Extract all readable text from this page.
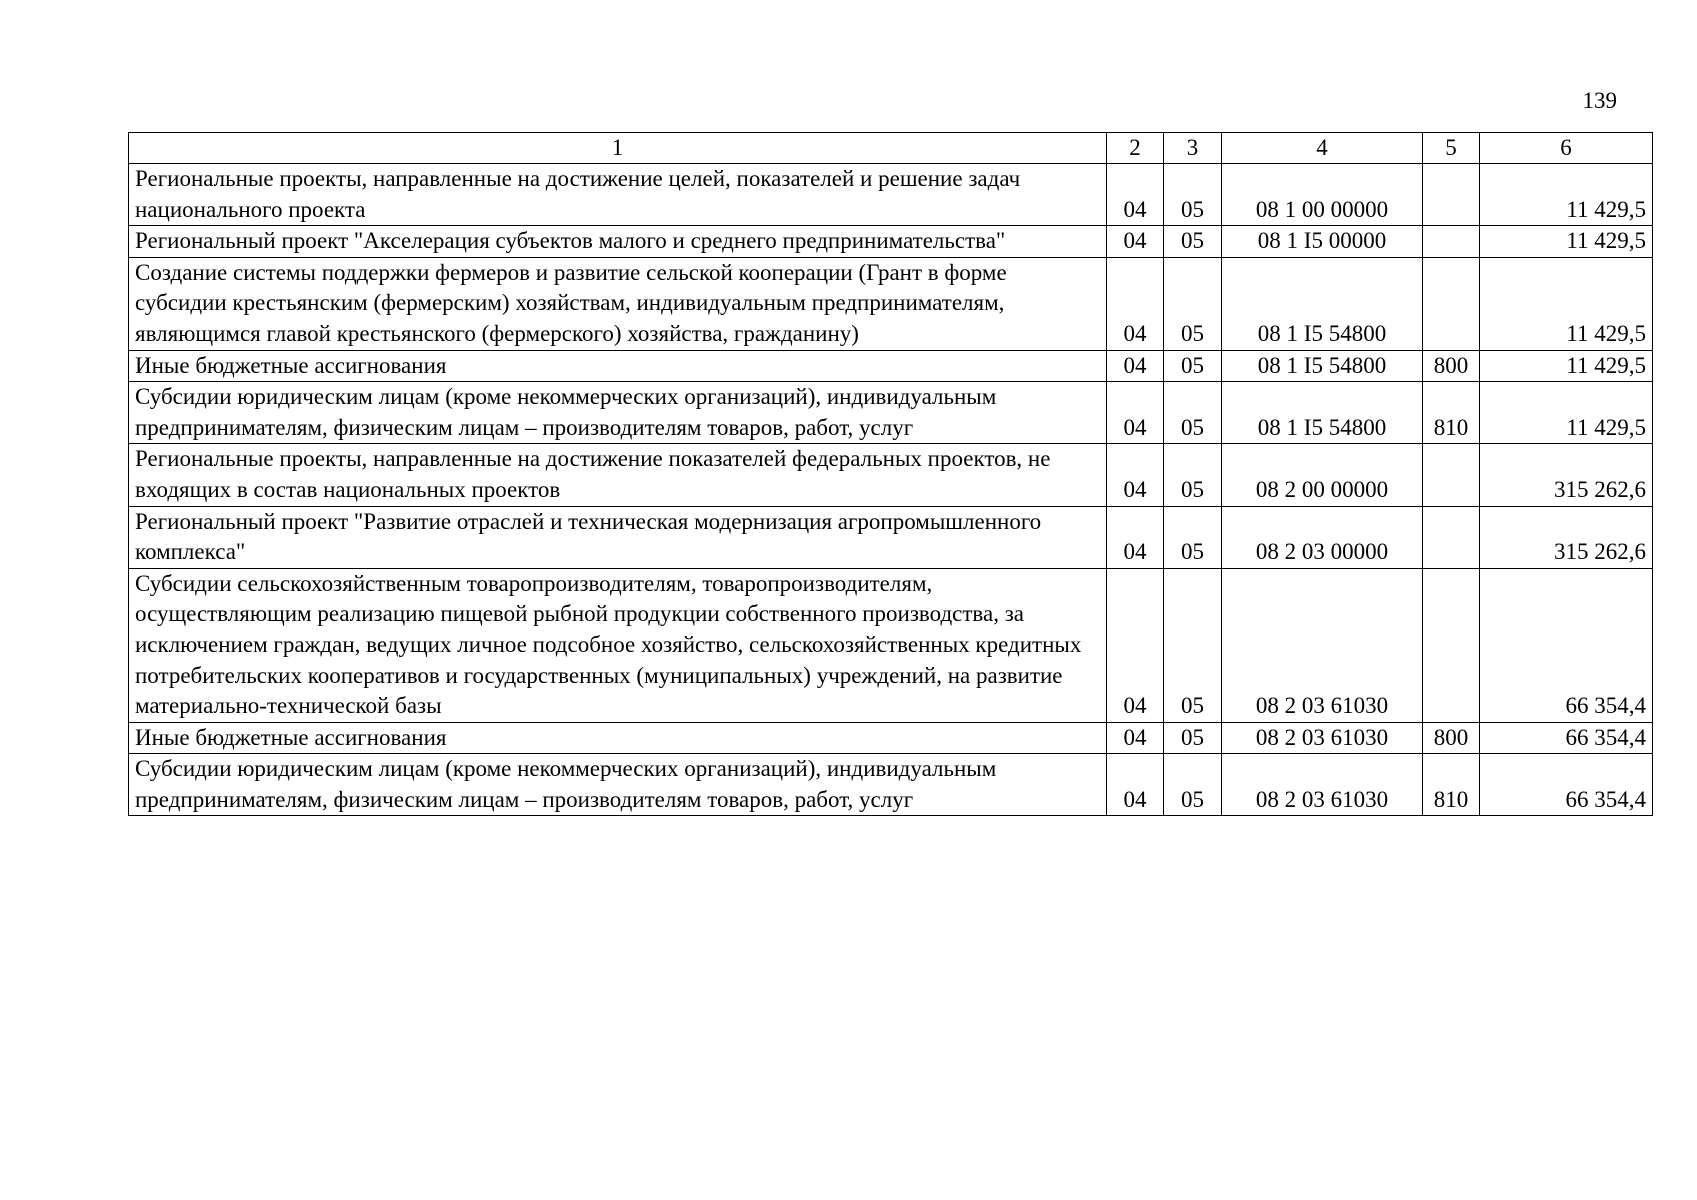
139
1	2	3	4	5	6
Региональные проекты, направленные на достижение целей, показателей и решение задач национального проекта	04	05	08 1 00 00000		11 429,5
Региональный проект "Акселерация субъектов малого и среднего предпринимательства"	04	05	08 1 I5 00000		11 429,5
Создание системы поддержки фермеров и развитие сельской кооперации (Грант в форме субсидии крестьянским (фермерским) хозяйствам, индивидуальным предпринимателям, являющимся главой крестьянского (фермерского) хозяйства, гражданину)	04	05	08 1 I5 54800		11 429,5
Иные бюджетные ассигнования	04	05	08 1 I5 54800	800	11 429,5
Субсидии юридическим лицам (кроме некоммерческих организаций), индивидуальным предпринимателям, физическим лицам – производителям товаров, работ, услуг	04	05	08 1 I5 54800	810	11 429,5
Региональные проекты, направленные на достижение показателей федеральных проектов, не входящих в состав национальных проектов	04	05	08 2 00 00000		315 262,6
Региональный проект "Развитие отраслей и техническая модернизация агропромышленного комплекса"	04	05	08 2 03 00000		315 262,6
Субсидии сельскохозяйственным товаропроизводителям, товаропроизводителям, осуществляющим реализацию пищевой рыбной продукции собственного производства, за исключением граждан, ведущих личное подсобное хозяйство, сельскохозяйственных кредитных потребительских кооперативов и государственных (муниципальных) учреждений, на развитие материально-технической базы	04	05	08 2 03 61030		66 354,4
Иные бюджетные ассигнования	04	05	08 2 03 61030	800	66 354,4
Субсидии юридическим лицам (кроме некоммерческих организаций), индивидуальным предпринимателям, физическим лицам – производителям товаров, работ, услуг	04	05	08 2 03 61030	810	66 354,4
